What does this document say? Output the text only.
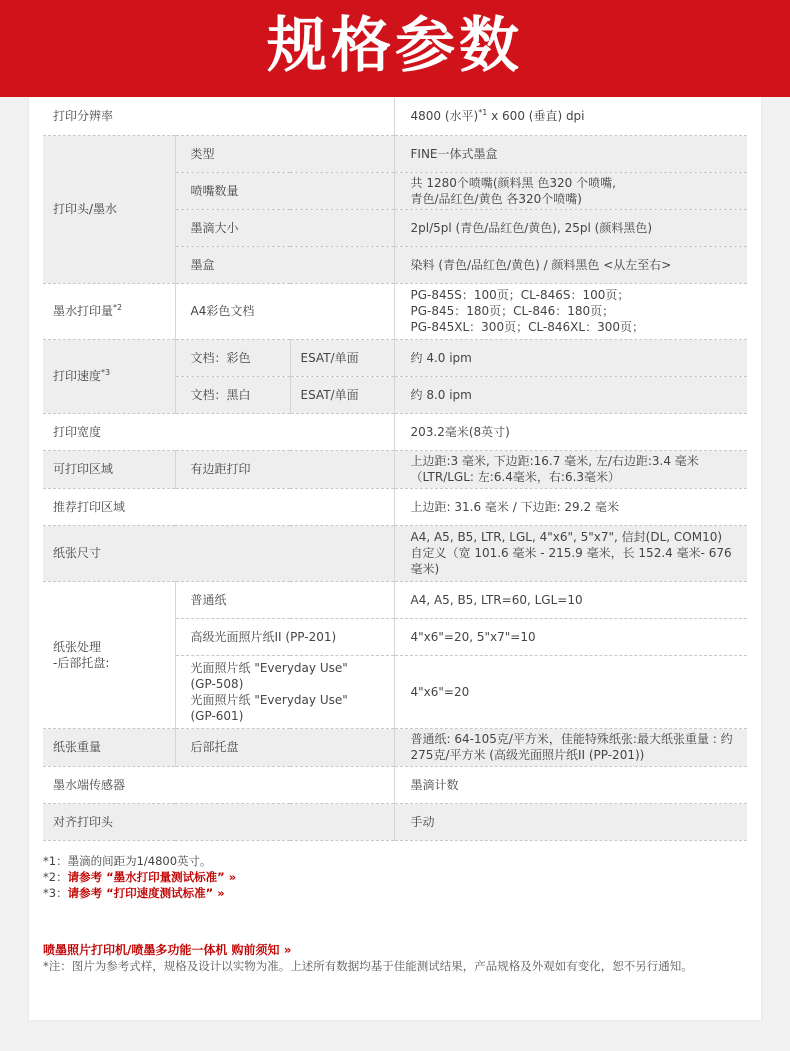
规格参数
打印分辨率			4800 (水平)$^{*1}$ x 600 (垂直) dpi
打印头/墨水	类型		FINE一体式墨盒
	喷嘴数量		共 1280个喷嘴(颜料黑 色320 个喷嘴,
青色/品红色/黄色 各320个喷嘴)

	墨滴大小		2pl/5pl (青色/品红色/黄色), 25pl (颜料黑色)
	墨盒		染料 (青色/品红色/黄色) / 颜料黑色 <从左至右>
墨水打印量$^{*2}$	A4彩色文档		PG-845S：100页；CL-846S：100页；
PG-845：180页；CL-846：180页；
PG-845XL：300页；CL-846XL：300页；

打印速度$^{*3}$	文档：彩色	ESAT/单面	约 4.0 ipm
	文档：黑白	ESAT/单面	约 8.0 ipm
打印宽度			203.2毫米(8英寸)
可打印区域	有边距打印		上边距:3 毫米, 下边距:16.7 毫米, 左/右边距:3.4 毫米
（LTR/LGL: 左:6.4毫米，右:6.3毫米）

推荐打印区域			上边距: 31.6 毫米 / 下边距: 29.2 毫米
纸张尺寸			A4, A5, B5, LTR, LGL, 4"x6", 5"x7", 信封(DL, COM10)
自定义（宽 101.6 毫米 - 215.9 毫米，长 152.4 毫米- 676
毫米)

纸张处理
-后部托盘:	普通纸		A4, A5, B5, LTR=60, LGL=10
	高级光面照片纸II (PP-201)		4"x6"=20, 5"x7"=10

	光面照片纸 "Everyday Use"
(GP-508)
光面照片纸 "Everyday Use"
(GP-601)		4"x6"=20
纸张重量	后部托盘		普通纸: 64-105克/平方米，佳能特殊纸张:最大纸张重量 : 约
275克/平方米 (高级光面照片纸II (PP-201))

墨水端传感器			墨滴计数
对齐打印头			手动
*1：墨滴的间距为1/4800英寸。
*2：请参考 “墨水打印量测试标准” »
*3：请参考 “打印速度测试标准” »
喷墨照片打印机/喷墨多功能一体机 购前须知 »
*注：图片为参考式样，规格及设计以实物为准。上述所有数据均基于佳能测试结果，产品规格及外观如有变化，恕不另行通知。
